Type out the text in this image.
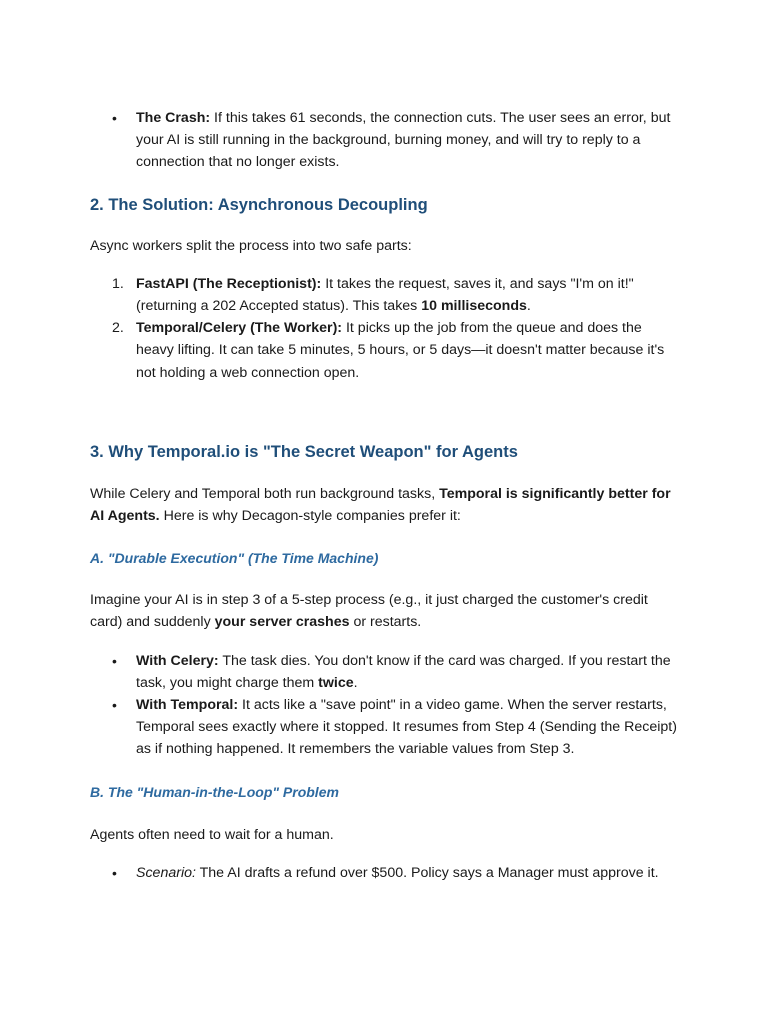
• The Crash: If this takes 61 seconds, the connection cuts. The user sees an error, but your AI is still running in the background, burning money, and will try to reply to a connection that no longer exists.
2. The Solution: Asynchronous Decoupling

Async workers split the process into two safe parts:

1. FastAPI (The Receptionist): It takes the request, saves it, and says "I'm on it!" (returning a 202 Accepted status). This takes 10 milliseconds.
2. Temporal/Celery (The Worker): It picks up the job from the queue and does the heavy lifting. It can take 5 minutes, 5 hours, or 5 days—it doesn't matter because it's not holding a web connection open.
3. Why Temporal.io is "The Secret Weapon" for Agents

While Celery and Temporal both run background tasks, Temporal is significantly better for AI Agents. Here is why Decagon-style companies prefer it:

A. "Durable Execution" (The Time Machine)

Imagine your AI is in step 3 of a 5-step process (e.g., it just charged the customer's credit card) and suddenly your server crashes or restarts.

• With Celery: The task dies. You don't know if the card was charged. If you restart the task, you might charge them twice.
• With Temporal: It acts like a "save point" in a video game. When the server restarts, Temporal sees exactly where it stopped. It resumes from Step 4 (Sending the Receipt) as if nothing happened. It remembers the variable values from Step 3.
B. The "Human-in-the-Loop" Problem

Agents often need to wait for a human.

• Scenario: The AI drafts a refund over $500. Policy says a Manager must approve it.
